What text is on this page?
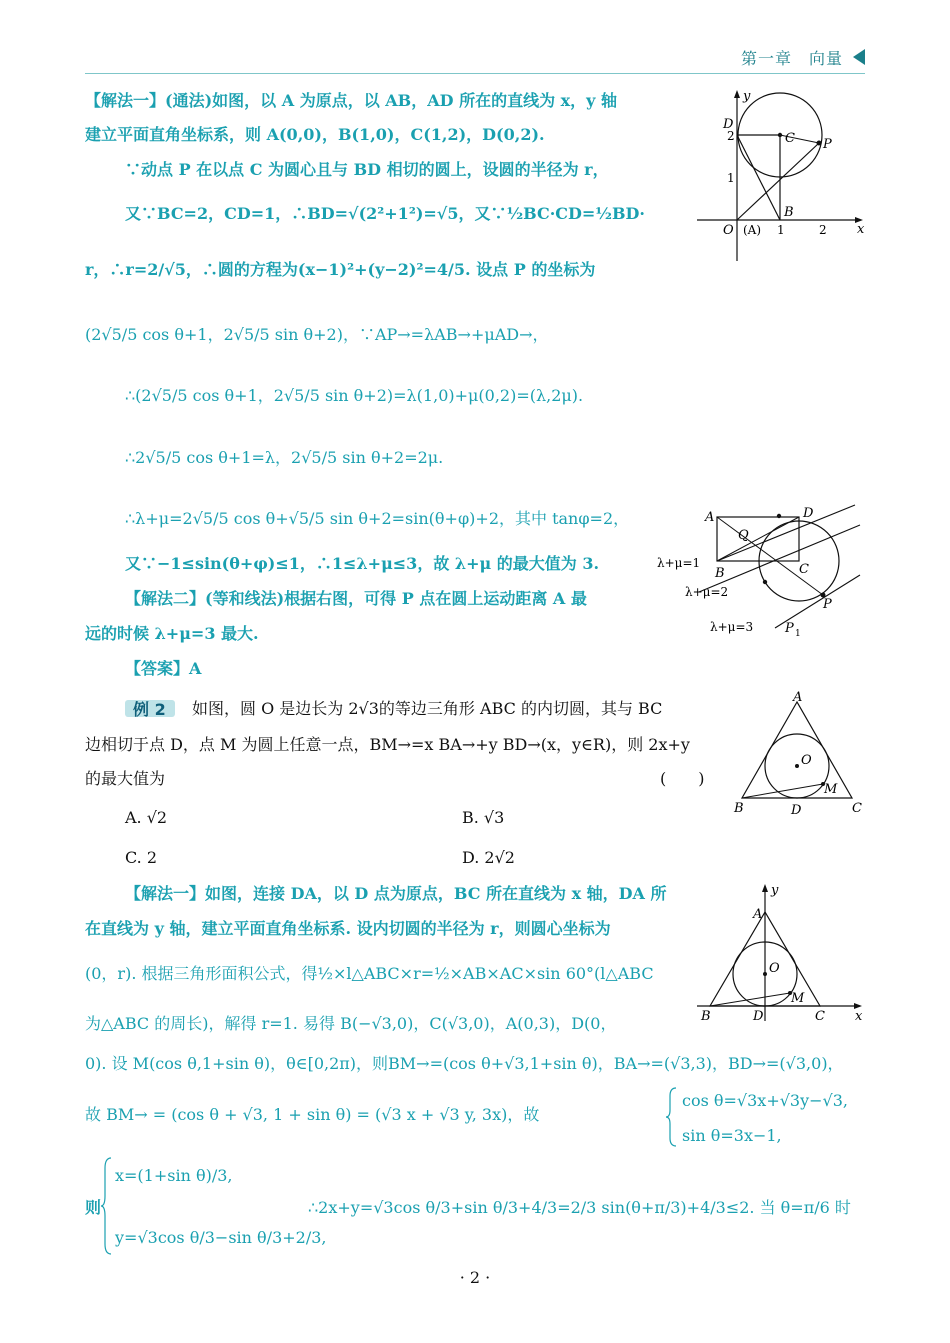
第一章　向量
【解法一】(通法)如图，以 A 为原点，以 AB，AD 所在的直线为 x，y 轴
建立平面直角坐标系，则 A(0,0)，B(1,0)，C(1,2)，D(0,2).
∵动点 P 在以点 C 为圆心且与 BD 相切的圆上，设圆的半径为 r，
又∵BC=2，CD=1，∴BD=√(2²+1²)=√5，又∵½BC·CD=½BD·
r，∴r=2/√5，∴圆的方程为(x−1)²+(y−2)²=4/5. 设点 P 的坐标为
(2√5/5 cos θ+1，2√5/5 sin θ+2)，∵AP→=λAB→+μAD→，
∴(2√5/5 cos θ+1，2√5/5 sin θ+2)=λ(1,0)+μ(0,2)=(λ,2μ).
∴2√5/5 cos θ+1=λ，2√5/5 sin θ+2=2μ.
∴λ+μ=2√5/5 cos θ+√5/5 sin θ+2=sin(θ+φ)+2，其中 tanφ=2，
又∵−1≤sin(θ+φ)≤1，∴1≤λ+μ≤3，故 λ+μ 的最大值为 3.
【解法二】(等和线法)根据右图，可得 P 点在圆上运动距离 A 最
远的时候 λ+μ=3 最大.
【答案】A
例 2 如图，圆 O 是边长为 2√3的等边三角形 ABC 的内切圆，其与 BC
边相切于点 D，点 M 为圆上任意一点，BM→=x BA→+y BD→(x，y∈R)，则 2x+y
的最大值为	(　　)
A. √2	B. √3
C. 2	D. 2√2
【解法一】如图，连接 DA，以 D 点为原点，BC 所在直线为 x 轴，DA 所
在直线为 y 轴，建立平面直角坐标系. 设内切圆的半径为 r，则圆心坐标为
(0，r). 根据三角形面积公式，得½×l△ABC×r=½×AB×AC×sin 60°(l△ABC
为△ABC 的周长)，解得 r=1. 易得 B(−√3,0)，C(√3,0)，A(0,3)，D(0，
0). 设 M(cos θ,1+sin θ)，θ∈[0,2π)，则BM→=(cos θ+√3,1+sin θ)，BA→=(√3,3)，BD→=(√3,0)，
故 BM→ = (cos θ + √3, 1 + sin θ) = (√3 x + √3 y, 3x)，故
cos θ=√3x+√3y−√3,
sin θ=3x−1,
则
x=(1+sin θ)/3,
y=√3cos θ/3−sin θ/3+2/3,
∴2x+y=√3cos θ/3+sin θ/3+4/3=2/3 sin(θ+π/3)+4/3≤2. 当 θ=π/6 时
y
x
D
2
1
C P
B
O (A) 1	2
A	D
Q
B	C
P
P 1
λ+μ=1
λ+μ=2
λ+μ=3
A
B	C
D
O
M
y
x
A
B	C
D
O
M
· 2 ·
